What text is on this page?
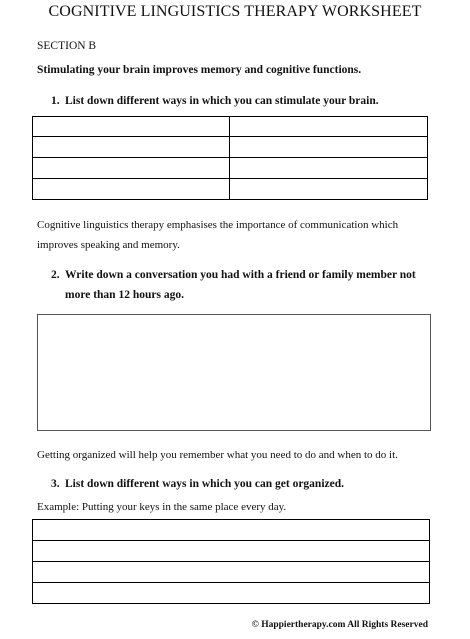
COGNITIVE LINGUISTICS THERAPY WORKSHEET
SECTION B
Stimulating your brain improves memory and cognitive functions.
1. List down different ways in which you can stimulate your brain.

Cognitive linguistics therapy emphasises the importance of communication which
improves speaking and memory.
2. Write down a conversation you had with a friend or family member not
more than 12 hours ago.
Getting organized will help you remember what you need to do and when to do it.
3. List down different ways in which you can get organized.
Example: Putting your keys in the same place every day.

© Happiertherapy.com All Rights Reserved
